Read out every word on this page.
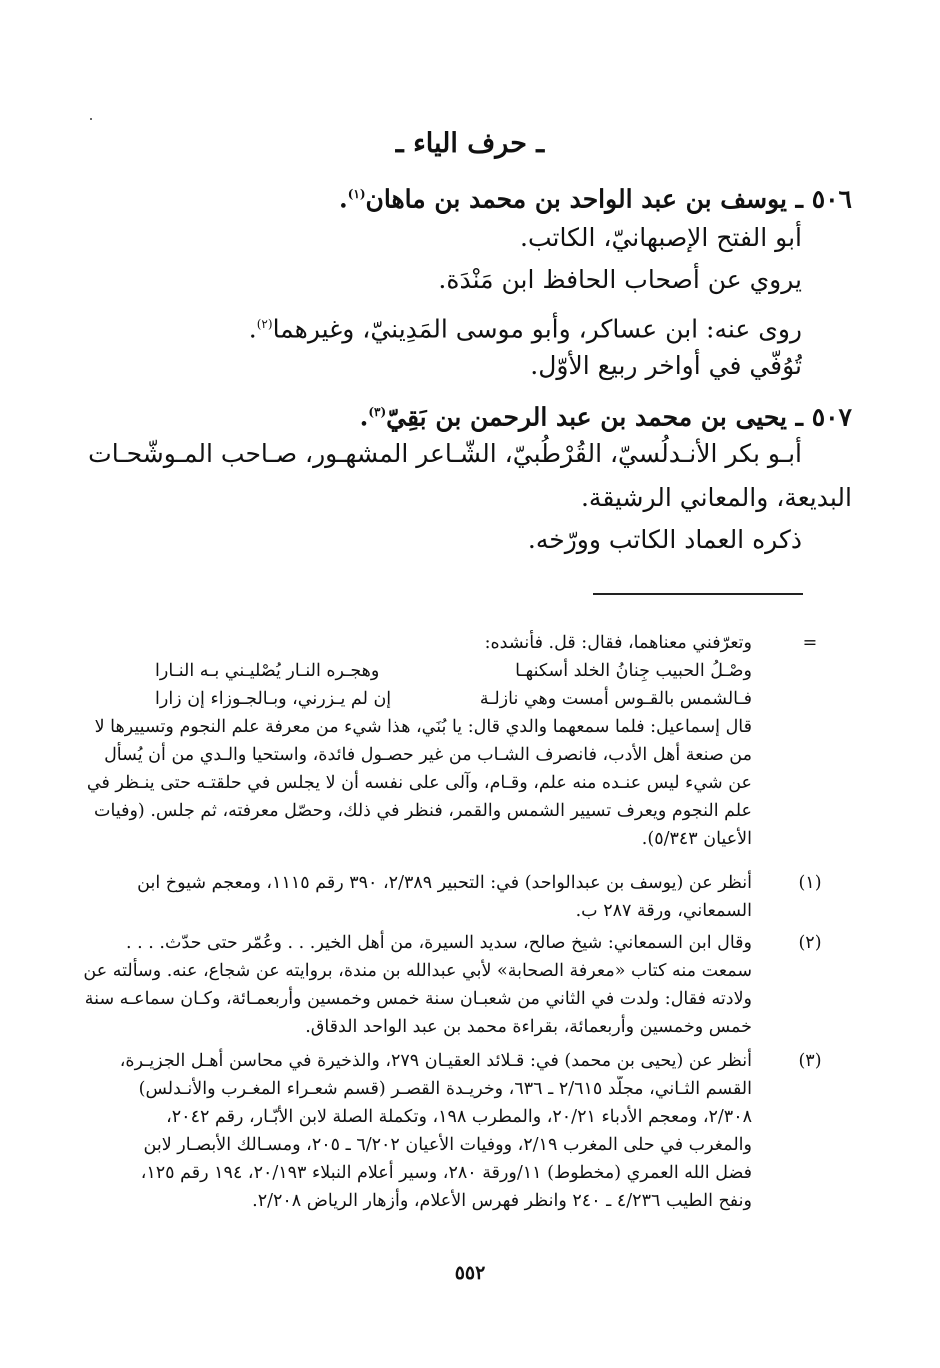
ـ حرف الياء ـ
٥٠٦ ـ يوسف بن عبد الواحد بن محمد بن ماهان$^{(١)}$.
أبو الفتح الإصبهانيّ، الكاتب.
يروي عن أصحاب الحافظ ابن مَنْدَة.
روى عنه: ابن عساكر، وأبو موسى المَدِينيّ، وغيرهما$^{(٢)}$.
تُوُفّي في أواخر ربيع الأوّل.
٥٠٧ ـ يحيى بن محمد بن عبد الرحمن بن بَقِيّ$^{(٣)}$.
أبـو بكر الأنـدلُسيّ، القُرْطُبيّ، الشّـاعر المشهـور، صـاحب المـوشّحـات
البديعة، والمعاني الرشيقة.
ذكره العماد الكاتب وورّخه.
=
وتعرّفني معناهما، فقال: قل. فأنشده:
وصْـلُ الحبيب جِنانُ الخلد أسكنهـا
وهجـره النـار يُصْليـني بـه النـارا
فـالشمس بالقـوس أمست وهي نازلـة
إن لم يـزرني، وبـالجـوزاء إن زارا
قال إسماعيل: فلما سمعهما والدي قال: يا بُنَي، هذا شيء من معرفة علم النجوم وتسييرها لا
من صنعة أهل الأدب، فانصرف الشـاب من غير حصـول فائدة، واستحيا والـدي من أن يُسأل
عن شيء ليس عنـده منه علم، وقـام، وآلى على نفسه أن لا يجلس في حلقتـه حتى ينـظر في
علم النجوم ويعرف تسيير الشمس والقمر، فنظر في ذلك، وحصّل معرفته، ثم جلس. (وفيات
الأعيان ٥/٣٤٣).
(١)
أنظر عن (يوسف بن عبدالواحد) في: التحبير ٢/٣٨٩، ٣٩٠ رقم ١١١٥، ومعجم شيوخ ابن
السمعاني، ورقة ٢٨٧ ب.
(٢)
وقال ابن السمعاني: شيخ صالح، سديد السيرة، من أهل الخير. . . وعُمّر حتى حدّث. . . .
سمعت منه كتاب «معرفة الصحابة» لأبي عبدالله بن مندة، بروايته عن شجاع، عنه. وسألته عن
ولادته فقال: ولدت في الثاني من شعبـان سنة خمس وخمسين وأربعمـائة، وكـان سماعـه سنة
خمس وخمسين وأربعمائة، بقراءة محمد بن عبد الواحد الدقاق.
(٣)
أنظر عن (يحيى بن محمد) في: قـلائد العقيـان ٢٧٩، والذخيرة في محاسن أهـل الجزيـرة،
القسم الثـاني، مجلّد ٢/٦١٥ ـ ٦٣٦، وخريـدة القصـر (قسم شعـراء المغـرب والأنـدلس)
٢/٣٠٨، ومعجم الأدباء ٢٠/٢١، والمطرب ١٩٨، وتكملة الصلة لابن الأبّـار، رقم ٢٠٤٢،
والمغرب في حلى المغرب ٢/١٩، ووفيات الأعيان ٦/٢٠٢ ـ ٢٠٥، ومسـالك الأبصـار لابن
فضل الله العمري (مخطوط) ١١/ورقة ٢٨٠، وسير أعلام النبلاء ٢٠/١٩٣، ١٩٤ رقم ١٢٥،
ونفح الطيب ٤/٢٣٦ ـ ٢٤٠ وانظر فهرس الأعلام، وأزهار الرياض ٢/٢٠٨.
٥٥٢
